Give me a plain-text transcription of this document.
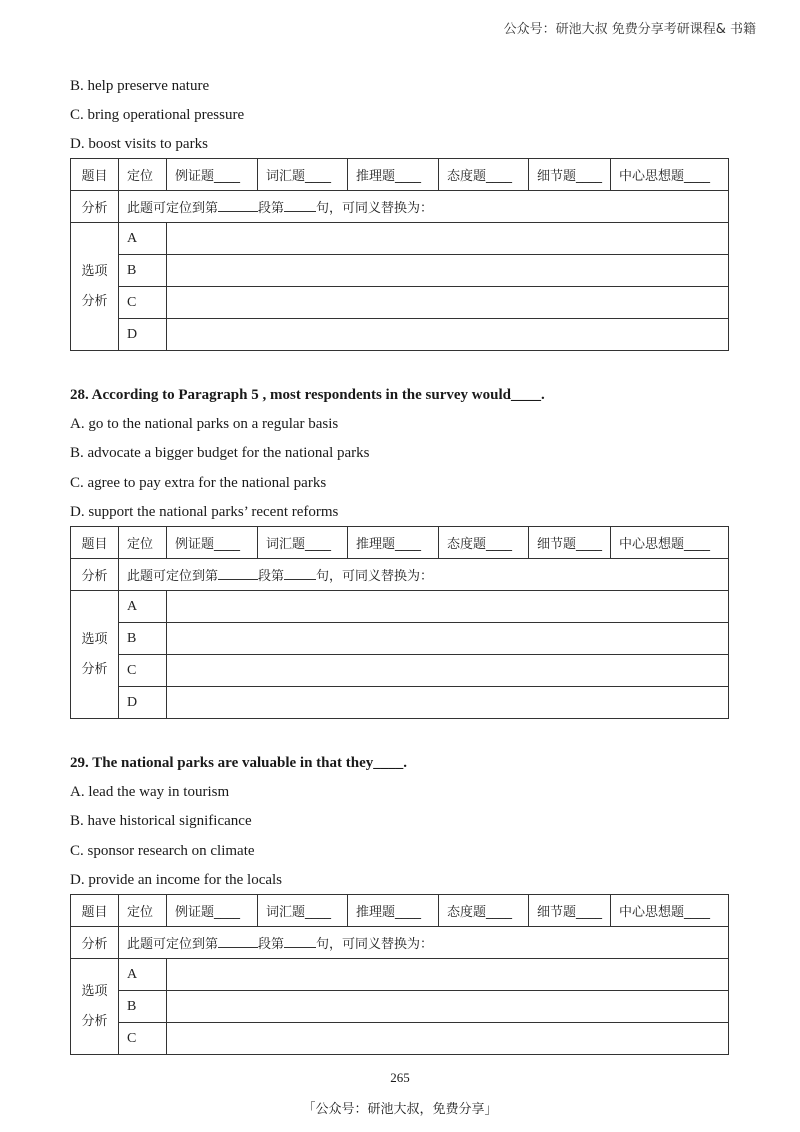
公众号：研池大叔 免费分享考研课程& 书籍
B. help preserve nature
C. bring operational pressure
D. boost visits to parks
题目	定位	例证题____	词汇题____	推理题____	态度题____	细节题____	中心思想题____
分析	此题可定位到第 段第 句，可同义替换为：						
选项
分析	A						
	B						
	C						
	D						
28. According to Paragraph 5 , most respondents in the survey would____.
A. go to the national parks on a regular basis
B. advocate a bigger budget for the national parks
C. agree to pay extra for the national parks
D. support the national parks’ recent reforms
题目	定位	例证题____	词汇题____	推理题____	态度题____	细节题____	中心思想题____
分析	此题可定位到第 段第 句，可同义替换为：						
选项
分析	A						
	B						
	C						
	D						
29. The national parks are valuable in that they____.
A. lead the way in tourism
B. have historical significance
C. sponsor research on climate
D. provide an income for the locals
题目	定位	例证题____	词汇题____	推理题____	态度题____	细节题____	中心思想题____
分析	此题可定位到第 段第 句，可同义替换为：						
选项
分析	A						
	B						
	C						
265
「公众号：研池大叔，免费分享」
